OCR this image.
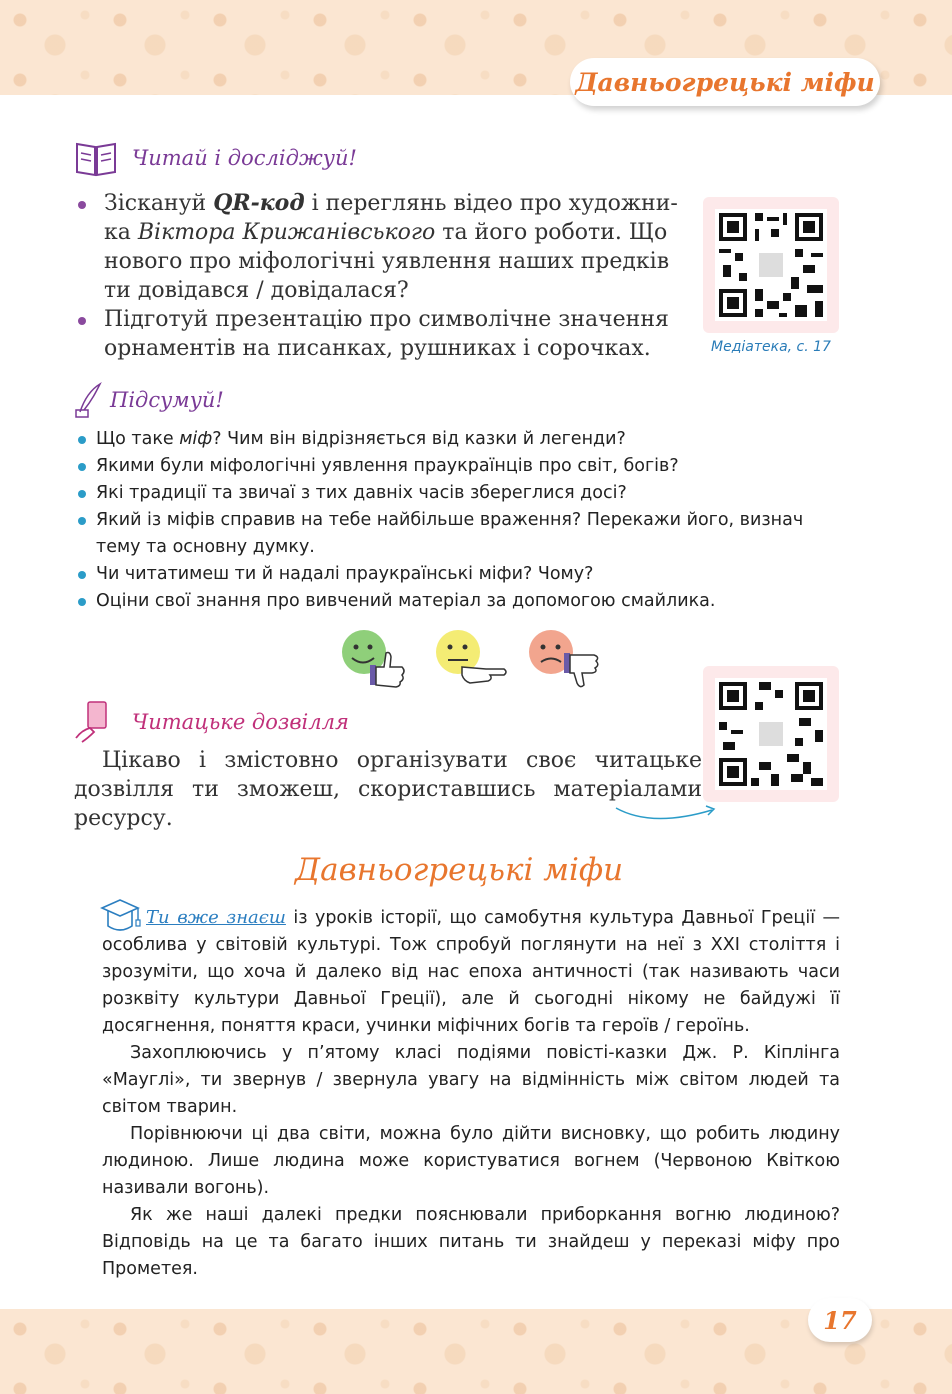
Давньогрецькі міфи
Читай і досліджуй!
Зіскануй QR-код і переглянь відео про художни-ка Віктора Крижанівського та його роботи. Що нового про міфологічні уявлення наших предків ти довідався / довідалася?
Підготуй презентацію про символічне значення орнаментів на писанках, рушниках і сорочках.	Медіатека, с. 17
Підсумуй!
Що таке міф? Чим він відрізняється від казки й легенди?
Якими були міфологічні уявлення праукраїнців про світ, богів?
Які традиції та звичаї з тих давніх часів збереглися досі?
Який із міфів справив на тебе найбільше враження? Перекажи його, визнач тему та основну думку.
Чи читатимеш ти й надалі праукраїнські міфи? Чому?
Оціни свої знання про вивчений матеріал за допомогою смайлика.
Читацьке дозвілля
Цікаво і змістовно організувати своє читацьке дозвілля ти зможеш, скориставшись матеріалами ресурсу.
Давньогрецькі міфи

Ти вже знаєш із уроків історії, що самобутня культура Давньої Греції — особлива у світовій культурі. Тож спробуй поглянути на неї з XXI століття і зрозуміти, що хоча й далеко від нас епоха античності (так називають часи розквіту культури Давньої Греції), але й сьогодні нікому не байдужі її досягнення, поняття краси, учинки міфічних богів та героїв / героїнь.

Захоплюючись у п’ятому класі подіями повісті-казки Дж. Р. Кіплінга «Мауглі», ти звернув / звернула увагу на відмінність між світом людей та світом тварин.

Порівнюючи ці два світи, можна було дійти висновку, що робить людину людиною. Лише людина може користуватися вогнем (Червоною Квіткою називали вогонь).

Як же наші далекі предки пояснювали приборкання вогню людиною? Відповідь на це та багато інших питань ти знайдеш у переказі міфу про Прометея.

17
